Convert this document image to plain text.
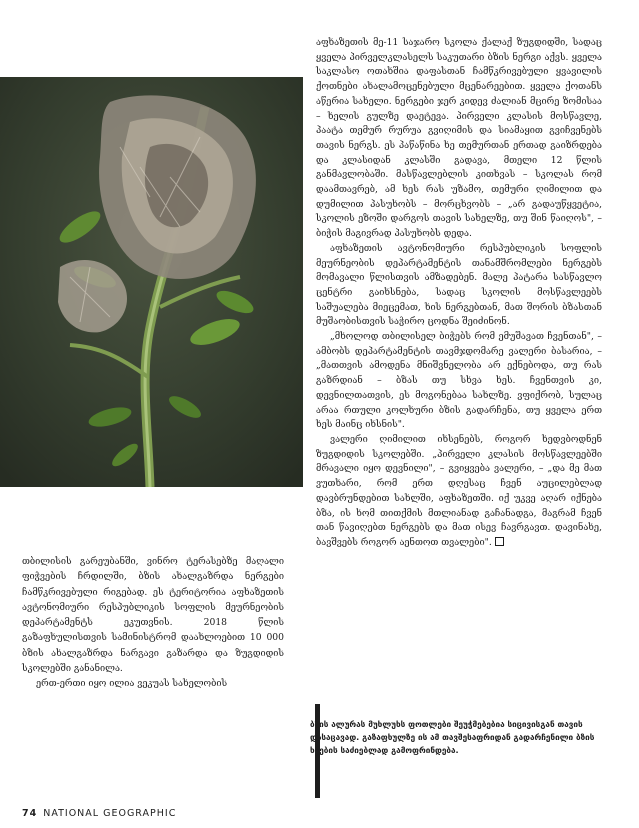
თბილისის გარეუბანში, ვინრო ტერასებზე მაღალი ფიჭვების ჩრდილში, ბზის ახალგაზრდა ნერგები ჩამწკრივებული რიგებად. ეს ტერიტორია აფხაზეთის ავტონომიური რესპუბლიკის სოფლის მეურნეობის დეპარტამენტს ეკუთვნის. 2018 წლის გაზაფხულისთვის სამინისტრომ დაახლოებით 10 000 ბზის ახალგაზრდა ნარგავი გაზარდა და ზუგდიდის სკოლებში განანილა.

ერთ-ერთი იყო ილია ვეკუას სახელობის

აფხაზეთის მე-11 საჯარო სკოლა ქალაქ ზუგდიდში, სადაც ყველა პირველკლასელს საკუთარი ბზის ნერგი აქვს. ყველა საკლასო ოთახშია დაფასთან ჩამწკრივებული ყვავილის ქოთნები ახალამოცენებული მცენარეებით. ყველა ქოთანს აწერია სახელი. ნერგები ჯერ კიდევ ძალიან მცირე ზომისაა – ხელის გულზე დაეტევა. პირველი კლასის მოსწავლე, პაატა თემურ რურუა გვიღიმის და სიამაყით გვიჩვენებს თავის ნერგს. ეს პაწაწინა ხე თემურთან ერთად გაიზრდება და კლასიდან კლასში გადავა, მთელი 12 წლის განმავლობაში. მასწავლებლის კითხვას – სკოლას რომ დაამთავრებ, ამ ხეს რას უზამო, თემური ღიმილით და დუმილით პასუხობს – მორცხვობს – „არ გადაუწყვეტია, სკოლის ეზოში დარგოს თავის სახელზე, თუ შინ წაიღოს", – ბიჭის მაგივრად პასუხობს დედა.

აფხაზეთის ავტონომიური რესპუბლიკის სოფლის მეურნეობის დეპარტამენტის თანამშრომლები ნერგებს მომავალი წლისთვის ამზადებენ. მალე პატარა სასწავლო ცენტრი გაიხსნება, სადაც სკოლის მოსწავლეებს საშუალება მიეცემათ, ხის ნერგებთან, მათ შორის ბზასთან მუშაობისთვის საჭირო ცოდნა შეიძინონ.

„მხოლოდ თბილისელ ბიჭებს რომ ემუშავათ ჩვენთან", – ამბობს დეპარტამენტის თავმჯდომარე ვალერი ბასარია, – „მათთვის ამოდენა მნიშვნელობა არ ექნებოდა, თუ რას გაზრდიან – ბზას თუ სხვა ხეს. ჩვენთვის კი, დევნილთათვის, ეს მოგონებაა სახლზე. ვფიქრობ, სულაც არაა რთული კოლხური ბზის გადარჩენა, თუ ყველა ერთ ხეს მაინც იხსნის".

ვალერი ღიმილით იხსენებს, როგორ ხედვბოდნენ ზუგდიდის სკოლებში. „პირველი კლასის მოსწავლეებში მრავალი იყო დევნილი", – გვიყვება ვალერი, – „და მე მათ ვუთხარი, რომ ერთ დღესაც ჩვენ აუცილებლად დავბრუნდებით სახლში, აფხაზეთში. იქ უკვე აღარ იქნება ბზა, ის ხომ თითქმის მთლიანად გაჩანადგა, მაგრამ ჩვენ თან წავიღებთ ნერგებს და მათ ისევ ჩავრგავთ. დავინახე, ბავშვებს როგორ აენთოთ თვალები".

ბზის ალურას მუხლუხს ფოთლები შეუჭმებებია სიცივისგან თავის დასაცავად. გაზაფხულზე ის ამ თავშესაფრიდან გადარჩენილი ბზის ხეების საძიებლად გამოფრინდება.
74 NATIONAL GEOGRAPHIC
